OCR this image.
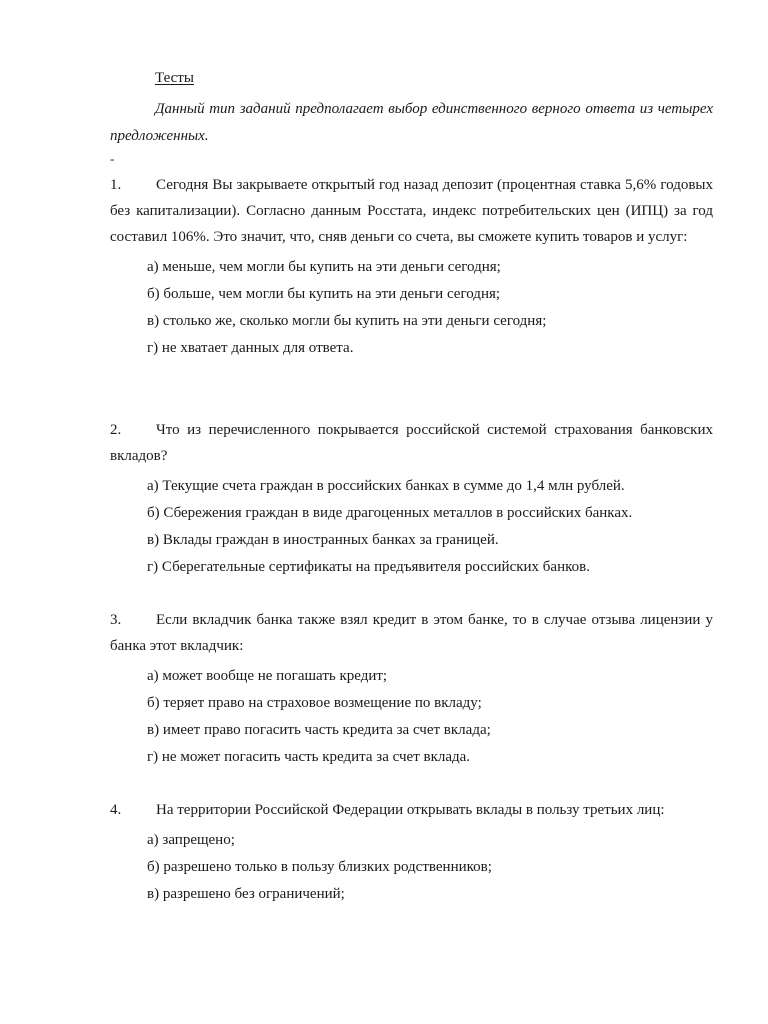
Тесты
Данный тип заданий предполагает выбор единственного верного ответа из четырех предложенных.
-
1.	Сегодня Вы закрываете открытый год назад депозит (процентная ставка 5,6% годовых без капитализации). Согласно данным Росстата, индекс потребительских цен (ИПЦ) за год составил 106%. Это значит, что, сняв деньги со счета, вы сможете купить товаров и услуг:
а) меньше, чем могли бы купить на эти деньги сегодня;
б) больше, чем могли бы купить на эти деньги сегодня;
в) столько же, сколько могли бы купить на эти деньги сегодня;
г) не хватает данных для ответа.
2.	Что из перечисленного покрывается российской системой страхования банковских вкладов?
а) Текущие счета граждан в российских банках в сумме до 1,4 млн рублей.
б) Сбережения граждан в виде драгоценных металлов в российских банках.
в) Вклады граждан в иностранных банках за границей.
г) Сберегательные сертификаты на предъявителя российских банков.
3.	Если вкладчик банка также взял кредит в этом банке, то в случае отзыва лицензии у банка этот вкладчик:
а) может вообще не погашать кредит;
б) теряет право на страховое возмещение по вкладу;
в) имеет право погасить часть кредита за счет вклада;
г) не может погасить часть кредита за счет вклада.
4.	На территории Российской Федерации открывать вклады в пользу третьих лиц:
а) запрещено;
б) разрешено только в пользу близких родственников;
в) разрешено без ограничений;
